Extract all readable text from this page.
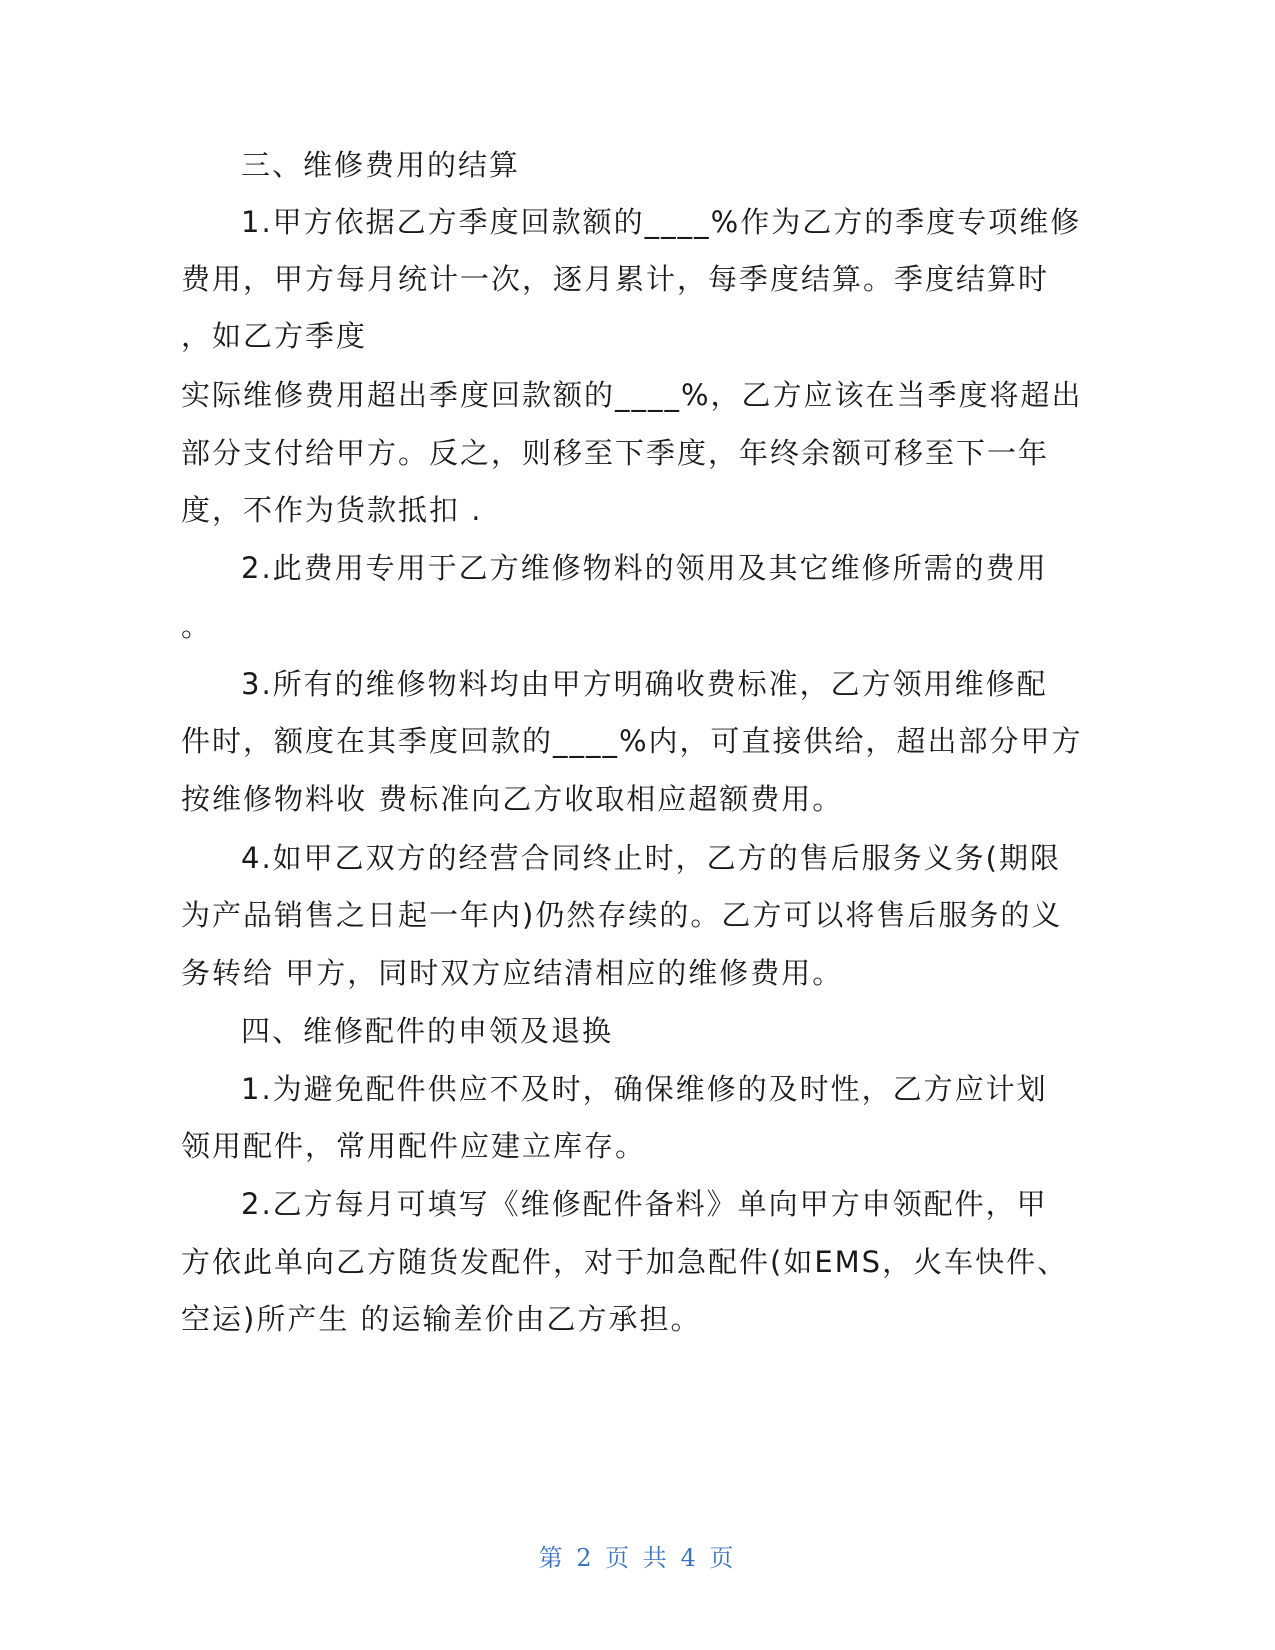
三、维修费用的结算
1.甲方依据乙方季度回款额的____%作为乙方的季度专项维修
费用，甲方每月统计一次，逐月累计，每季度结算。季度结算时
，如乙方季度
实际维修费用超出季度回款额的____%，乙方应该在当季度将超出
部分支付给甲方。反之，则移至下季度，年终余额可移至下一年
度，不作为货款抵扣 .
2.此费用专用于乙方维修物料的领用及其它维修所需的费用
。
3.所有的维修物料均由甲方明确收费标准，乙方领用维修配
件时，额度在其季度回款的____%内，可直接供给，超出部分甲方
按维修物料收 费标准向乙方收取相应超额费用。
4.如甲乙双方的经营合同终止时，乙方的售后服务义务(期限
为产品销售之日起一年内)仍然存续的。乙方可以将售后服务的义
务转给 甲方，同时双方应结清相应的维修费用。
四、维修配件的申领及退换
1.为避免配件供应不及时，确保维修的及时性，乙方应计划
领用配件，常用配件应建立库存。
2.乙方每月可填写《维修配件备料》单向甲方申领配件，甲
方依此单向乙方随货发配件，对于加急配件(如EMS，火车快件、
空运)所产生 的运输差价由乙方承担。
第 2 页 共 4 页
